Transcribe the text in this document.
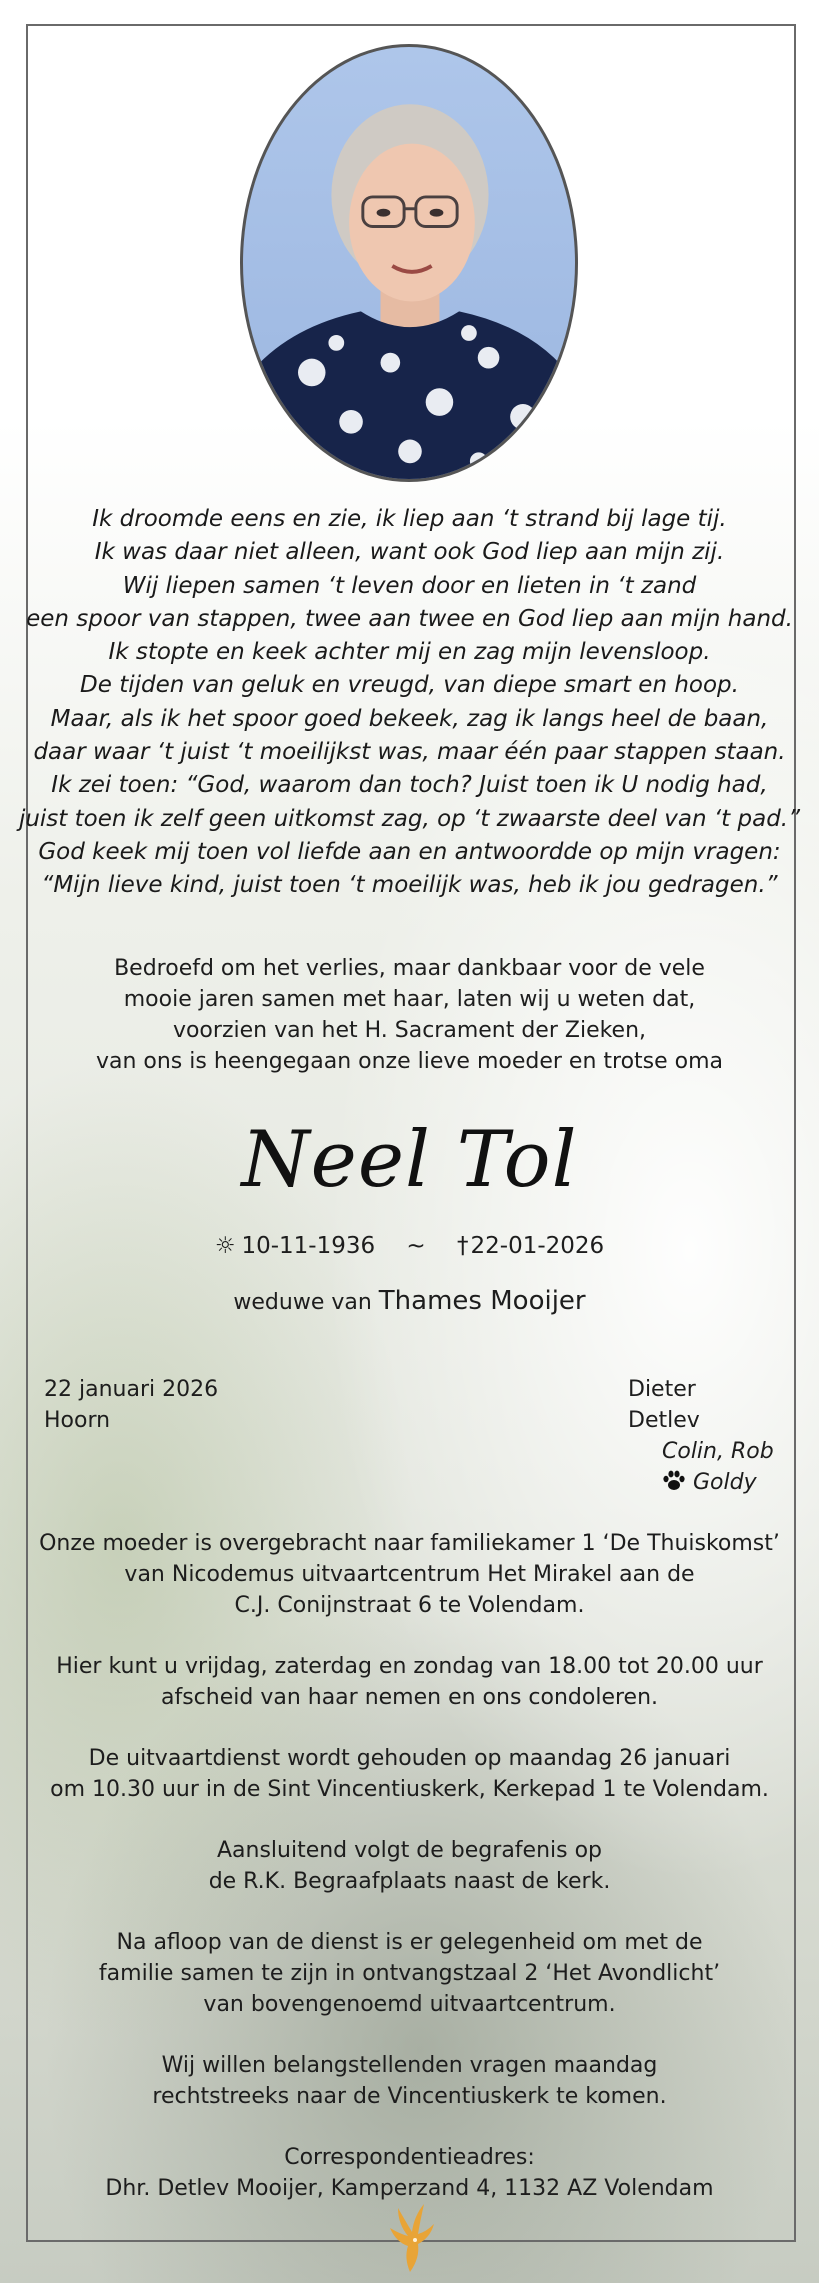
Ik droomde eens en zie, ik liep aan ‘t strand bij lage tij.
Ik was daar niet alleen, want ook God liep aan mijn zij.
Wij liepen samen ‘t leven door en lieten in ‘t zand
een spoor van stappen, twee aan twee en God liep aan mijn hand.
Ik stopte en keek achter mij en zag mijn levensloop.
De tijden van geluk en vreugd, van diepe smart en hoop.
Maar, als ik het spoor goed bekeek, zag ik langs heel de baan,
daar waar ‘t juist ‘t moeilijkst was, maar één paar stappen staan.
Ik zei toen: “God, waarom dan toch? Juist toen ik U nodig had,
juist toen ik zelf geen uitkomst zag, op ‘t zwaarste deel van ‘t pad.”
God keek mij toen vol liefde aan en antwoordde op mijn vragen:
“Mijn lieve kind, juist toen ‘t moeilijk was, heb ik jou gedragen.”
Bedroefd om het verlies, maar dankbaar voor de vele
mooie jaren samen met haar, laten wij u weten dat,
voorzien van het H. Sacrament der Zieken,
van ons is heengegaan onze lieve moeder en trotse oma
Neel Tol
☼ 10-11-1936 ~ †22-01-2026
weduwe van Thames Mooijer
22 januari 2026
Hoorn
Dieter
Detlev
Colin, Rob
Goldy
Onze moeder is overgebracht naar familiekamer 1 ‘De Thuiskomst’
van Nicodemus uitvaartcentrum Het Mirakel aan de
C.J. Conijnstraat 6 te Volendam.
Hier kunt u vrijdag, zaterdag en zondag van 18.00 tot 20.00 uur
afscheid van haar nemen en ons condoleren.
De uitvaartdienst wordt gehouden op maandag 26 januari
om 10.30 uur in de Sint Vincentiuskerk, Kerkepad 1 te Volendam.
Aansluitend volgt de begrafenis op
de R.K. Begraafplaats naast de kerk.
Na afloop van de dienst is er gelegenheid om met de
familie samen te zijn in ontvangstzaal 2 ‘Het Avondlicht’
van bovengenoemd uitvaartcentrum.
Wij willen belangstellenden vragen maandag
rechtstreeks naar de Vincentiuskerk te komen.
Correspondentieadres:
Dhr. Detlev Mooijer, Kamperzand 4, 1132 AZ Volendam
